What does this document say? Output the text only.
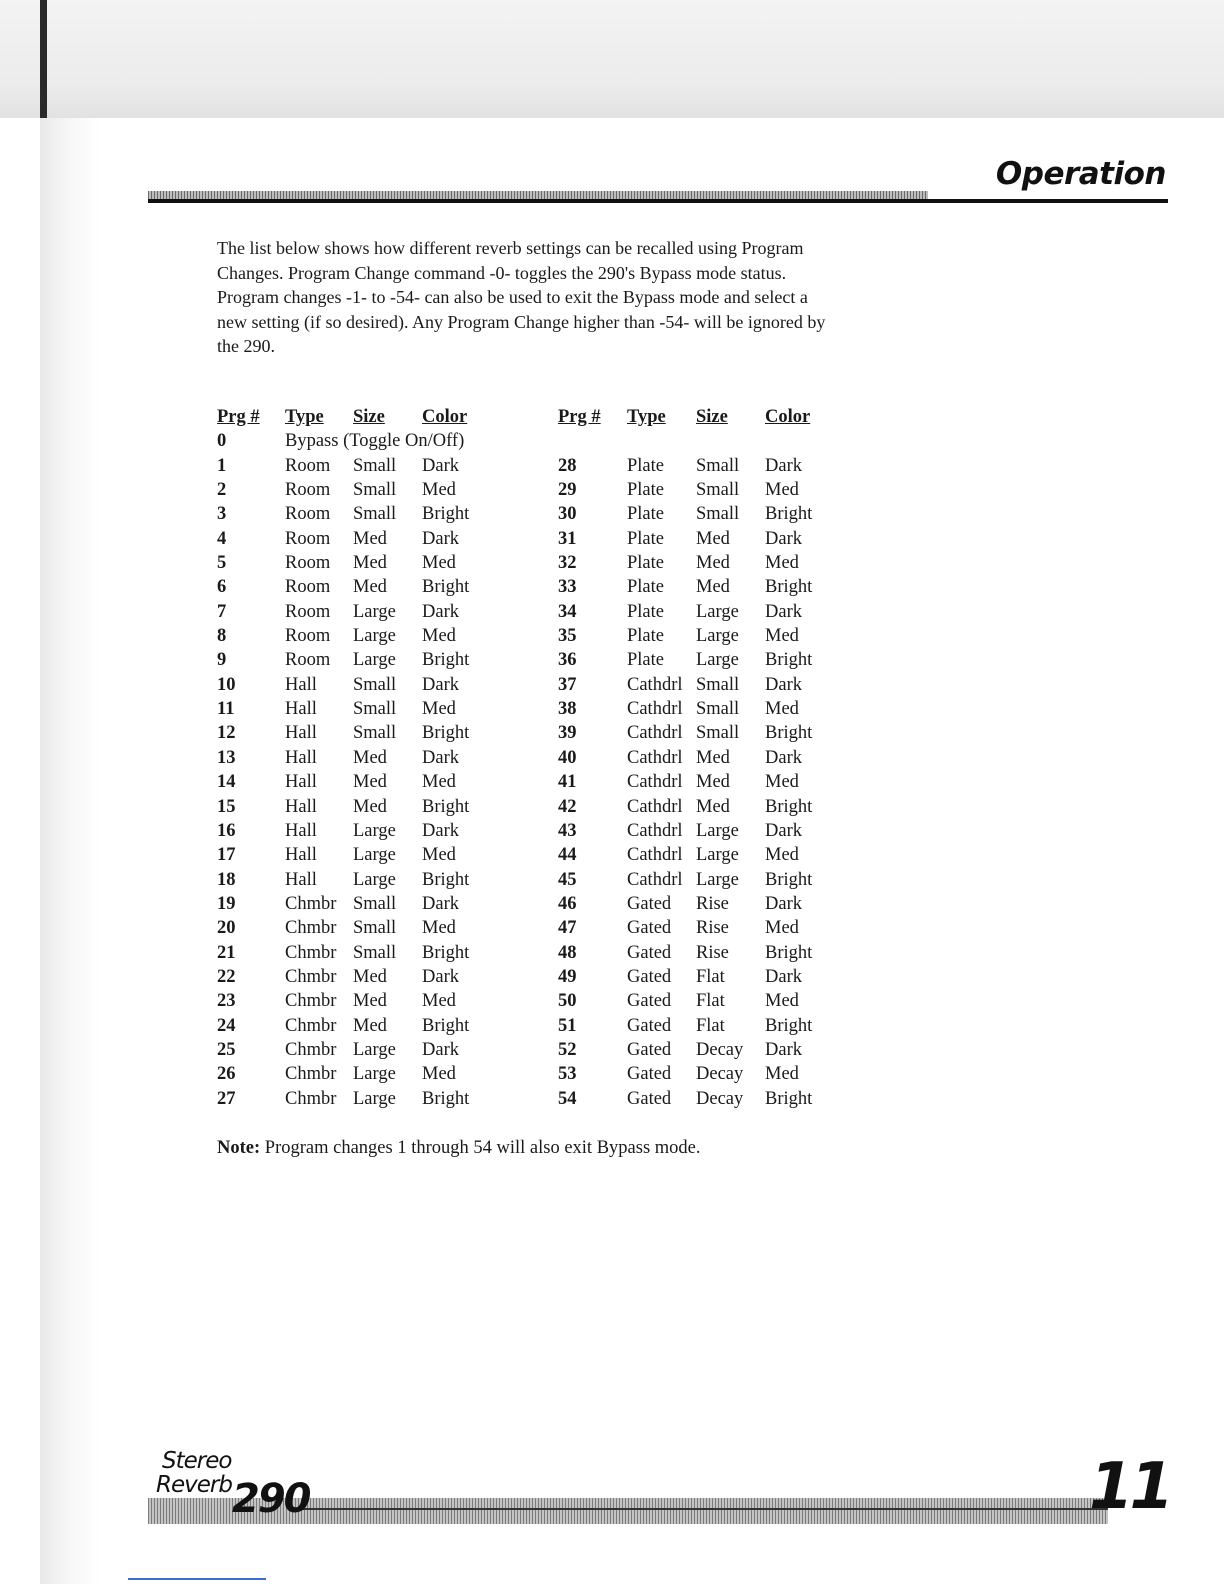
Operation

The list below shows how different reverb settings can be recalled using Program Changes. Program Change command -0- toggles the 290's Bypass mode status. Program changes -1- to -54- can also be used to exit the Bypass mode and select a new setting (if so desired). Any Program Change higher than -54- will be ignored by the 290.

Prg # Type Size Color
0	Bypass (Toggle On/Off)
1	Room Small Dark
2	Room Small Med
3	Room Small Bright
4	Room Med Dark
5	Room Med Med
6	Room Med Bright
7	Room Large Dark
8	Room Large Med
9	Room Large Bright
10	Hall Small Dark
11	Hall Small Med
12	Hall Small Bright
13	Hall Med Dark
14	Hall Med Med
15	Hall Med Bright
16	Hall Large Dark
17	Hall Large Med
18	Hall Large Bright
19	Chmbr Small Dark
20	Chmbr Small Med
21	Chmbr Small Bright
22	Chmbr Med Dark
23	Chmbr Med Med
24	Chmbr Med Bright
25	Chmbr Large Dark
26	Chmbr Large Med
27	Chmbr Large Bright
Prg # Type Size Color
28	Plate Small Dark
29	Plate Small Med
30	Plate Small Bright
31	Plate Med Dark
32	Plate Med Med
33	Plate Med Bright
34	Plate Large Dark
35	Plate Large Med
36	Plate Large Bright
37	Cathdrl Small Dark
38	Cathdrl Small Med
39	Cathdrl Small Bright
40	Cathdrl Med Dark
41	Cathdrl Med Med
42	Cathdrl Med Bright
43	Cathdrl Large Dark
44	Cathdrl Large Med
45	Cathdrl Large Bright
46	Gated Rise Dark
47	Gated Rise Med
48	Gated Rise Bright
49	Gated Flat Dark
50	Gated Flat Med
51	Gated Flat Bright
52	Gated Decay Dark
53	Gated Decay Med
54	Gated Decay Bright

Note: Program changes 1 through 54 will also exit Bypass mode.

Stereo
Reverb 290	11
